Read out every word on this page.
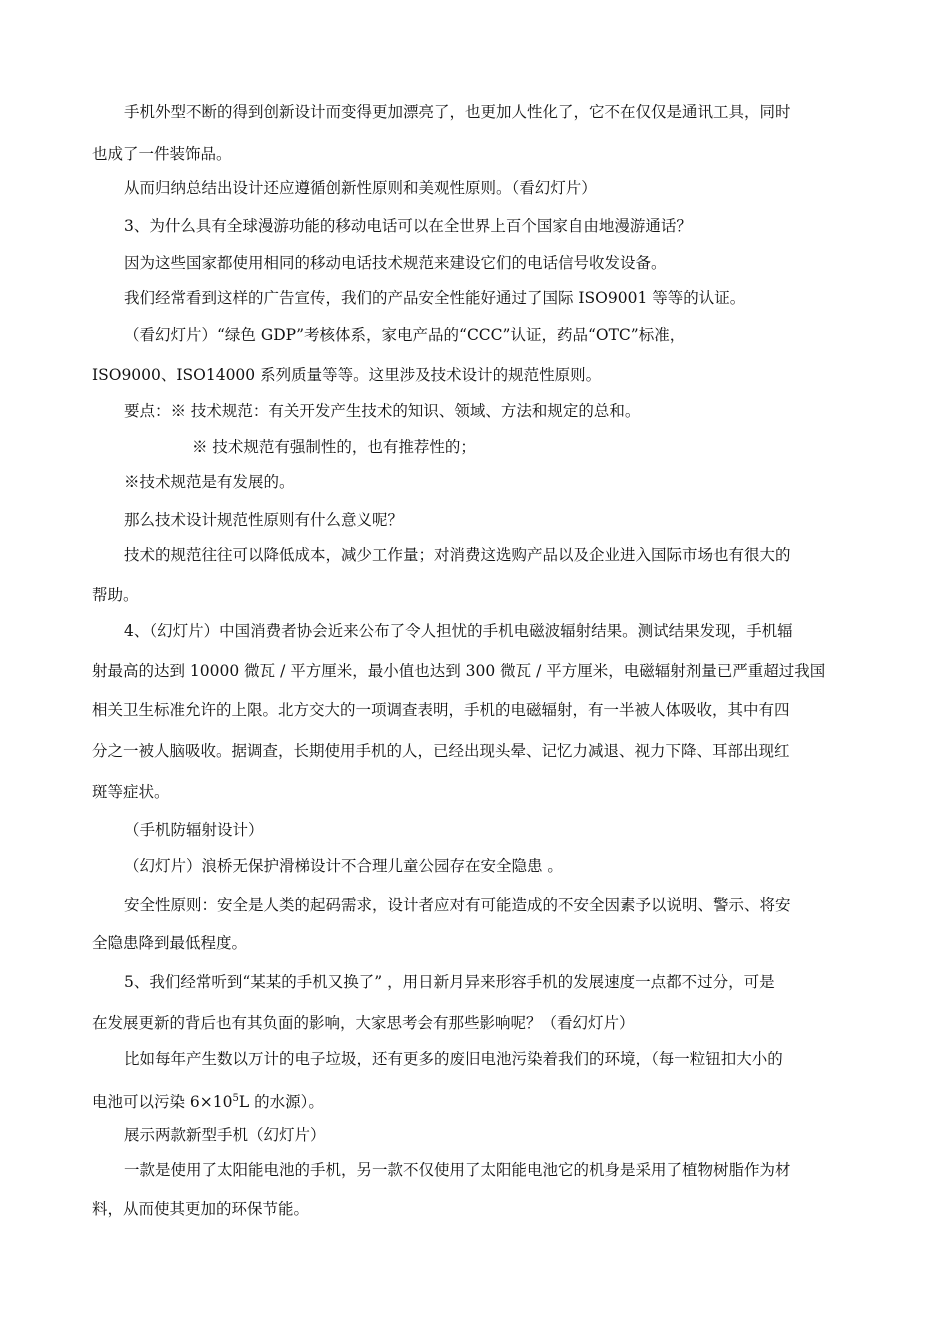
手机外型不断的得到创新设计而变得更加漂亮了，也更加人性化了，它不在仅仅是通讯工具，同时
也成了一件装饰品。
从而归纳总结出设计还应遵循创新性原则和美观性原则。（看幻灯片）
3、为什么具有全球漫游功能的移动电话可以在全世界上百个国家自由地漫游通话？
因为这些国家都使用相同的移动电话技术规范来建设它们的电话信号收发设备。
我们经常看到这样的广告宣传，我们的产品安全性能好通过了国际 ISO9001 等等的认证。
（看幻灯片）“绿色 GDP”考核体系，家电产品的“CCC”认证，药品“OTC”标准，
ISO9000、ISO14000 系列质量等等。这里涉及技术设计的规范性原则。
要点：※ 技术规范：有关开发产生技术的知识、领域、方法和规定的总和。
※ 技术规范有强制性的，也有推荐性的；
※技术规范是有发展的。
那么技术设计规范性原则有什么意义呢？
技术的规范往往可以降低成本，减少工作量；对消费这选购产品以及企业进入国际市场也有很大的
帮助。
4、（幻灯片）中国消费者协会近来公布了令人担忧的手机电磁波辐射结果。测试结果发现，手机辐
射最高的达到 10000 微瓦 / 平方厘米，最小值也达到 300 微瓦 / 平方厘米，电磁辐射剂量已严重超过我国
相关卫生标准允许的上限。北方交大的一项调查表明，手机的电磁辐射，有一半被人体吸收，其中有四
分之一被人脑吸收。据调查，长期使用手机的人，已经出现头晕、记忆力减退、视力下降、耳部出现红
斑等症状。
（手机防辐射设计）
（幻灯片）浪桥无保护滑梯设计不合理儿童公园存在安全隐患 。
安全性原则：安全是人类的起码需求，设计者应对有可能造成的不安全因素予以说明、警示、将安
全隐患降到最低程度。
5、我们经常听到“某某的手机又换了” ，用日新月异来形容手机的发展速度一点都不过分，可是
在发展更新的背后也有其负面的影响，大家思考会有那些影响呢？（看幻灯片）
比如每年产生数以万计的电子垃圾，还有更多的废旧电池污染着我们的环境，（每一粒钮扣大小的
电池可以污染 $6\times 10^5L$ 的水源）。
展示两款新型手机（幻灯片）
一款是使用了太阳能电池的手机，另一款不仅使用了太阳能电池它的机身是采用了植物树脂作为材
料，从而使其更加的环保节能。
